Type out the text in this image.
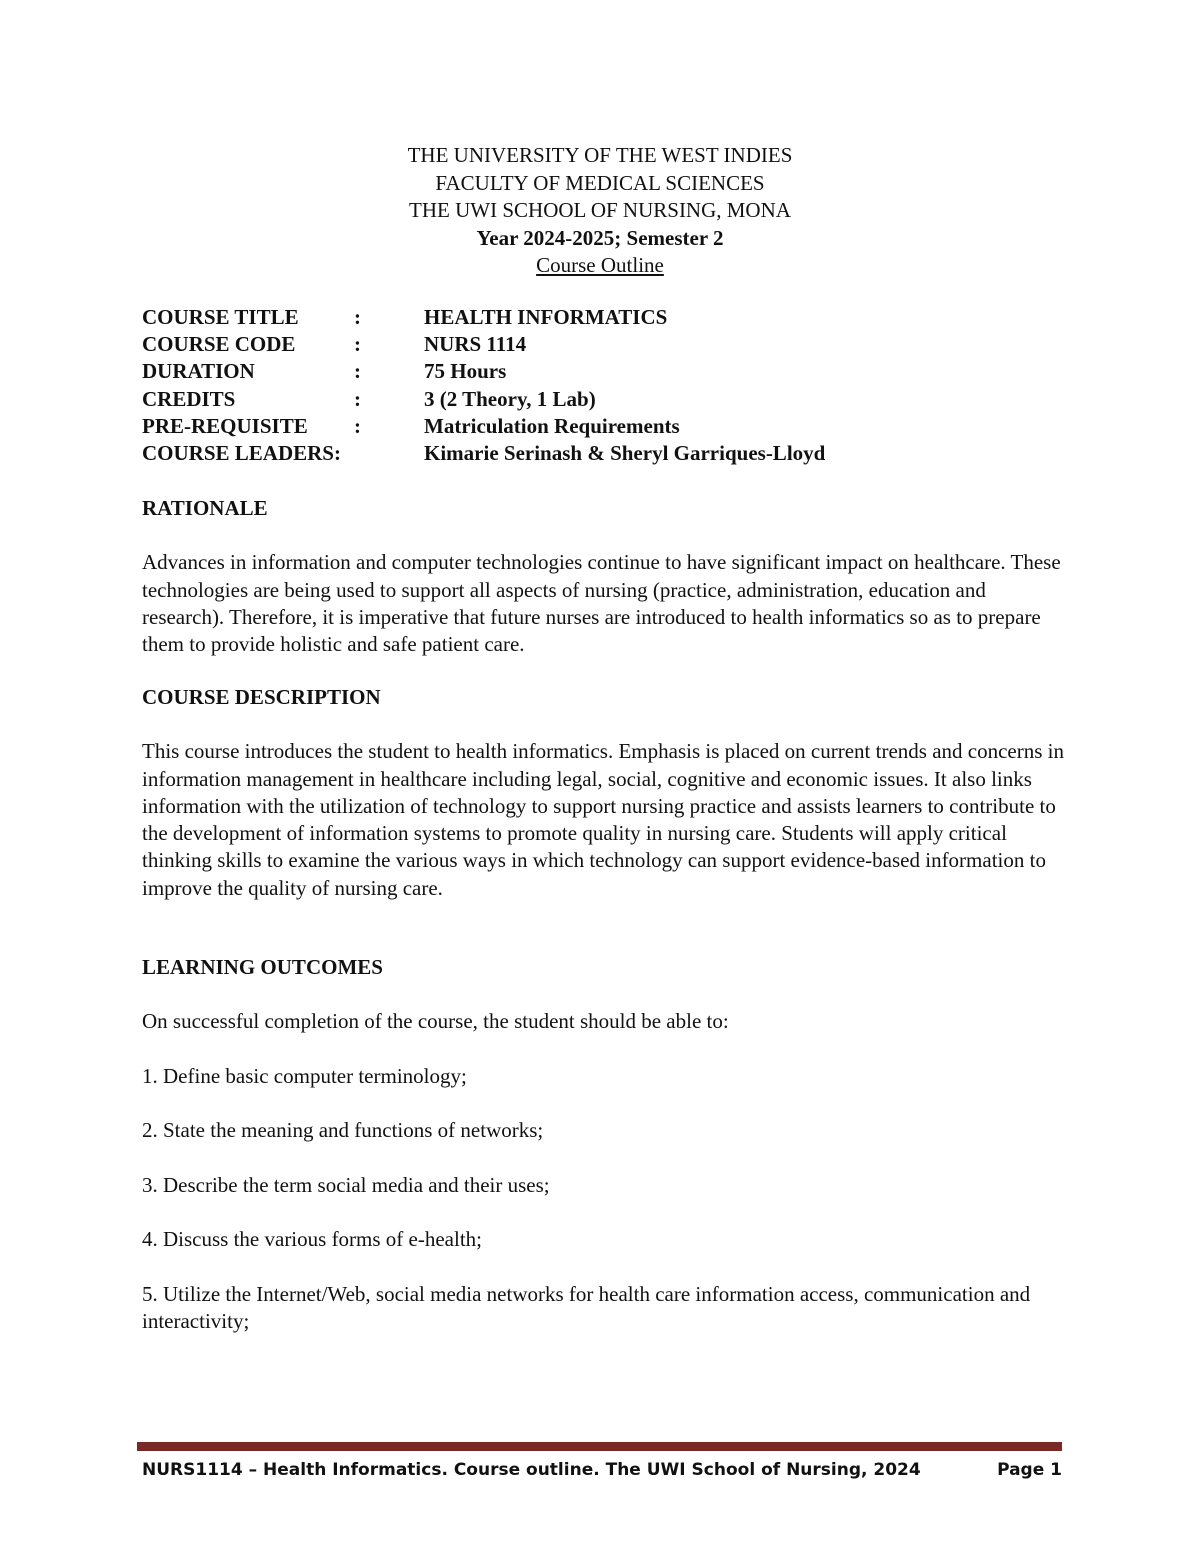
THE UNIVERSITY OF THE WEST INDIES
FACULTY OF MEDICAL SCIENCES
THE UWI SCHOOL OF NURSING, MONA
Year 2024-2025; Semester 2
Course Outline
COURSE TITLE	:	HEALTH INFORMATICS
COURSE CODE	:	NURS 1114
DURATION	:	75 Hours
CREDITS	:	3 (2 Theory, 1 Lab)
PRE-REQUISITE	:	Matriculation Requirements
COURSE LEADERS:	Kimarie Serinash & Sheryl Garriques-Lloyd
RATIONALE

Advances in information and computer technologies continue to have significant impact on healthcare. These technologies are being used to support all aspects of nursing (practice, administration, education and research). Therefore, it is imperative that future nurses are introduced to health informatics so as to prepare them to provide holistic and safe patient care.

COURSE DESCRIPTION

This course introduces the student to health informatics. Emphasis is placed on current trends and concerns in information management in healthcare including legal, social, cognitive and economic issues. It also links information with the utilization of technology to support nursing practice and assists learners to contribute to the development of information systems to promote quality in nursing care. Students will apply critical thinking skills to examine the various ways in which technology can support evidence-based information to improve the quality of nursing care.

LEARNING OUTCOMES
On successful completion of the course, the student should be able to:
1. Define basic computer terminology;
2. State the meaning and functions of networks;
3. Describe the term social media and their uses;
4. Discuss the various forms of e-health;
5. Utilize the Internet/Web, social media networks for health care information access, communication and interactivity;
NURS1114 – Health Informatics. Course outline. The UWI School of Nursing, 2024	Page 1
